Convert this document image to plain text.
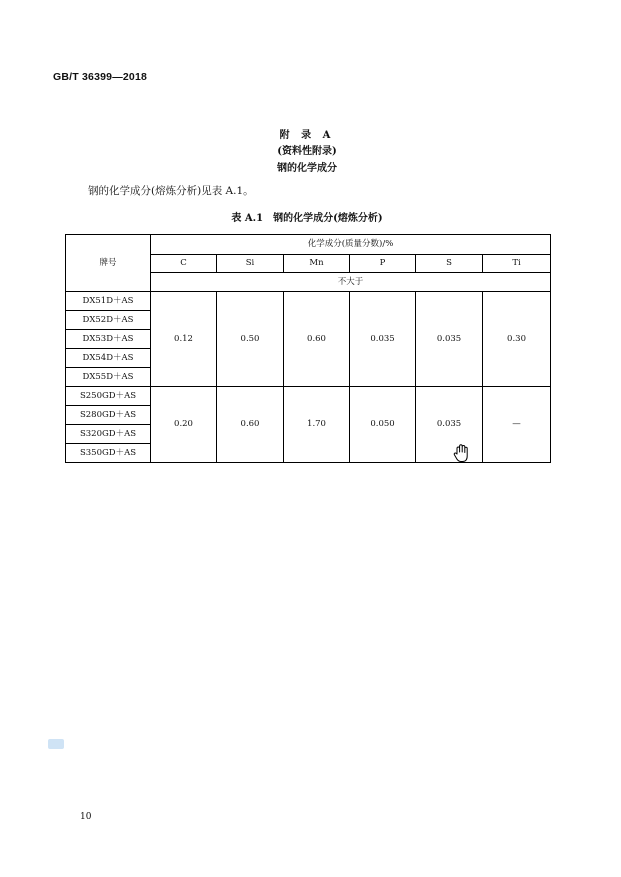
GB/T 36399—2018
附 录 A
(资料性附录)
钢的化学成分
钢的化学成分(熔炼分析)见表 A.1。
表 A.1 钢的化学成分(熔炼分析)
牌号	化学成分(质量分数)/%					
	C	Si	Mn	P	S	Ti
	不大于					
DX51D＋AS	0.12	0.50	0.60	0.035	0.035	0.30
DX52D＋AS						
DX53D＋AS						
DX54D＋AS						
DX55D＋AS						
S250GD＋AS	0.20	0.60	1.70	0.050	0.035	—
S280GD＋AS						
S320GD＋AS						
S350GD＋AS						
10
